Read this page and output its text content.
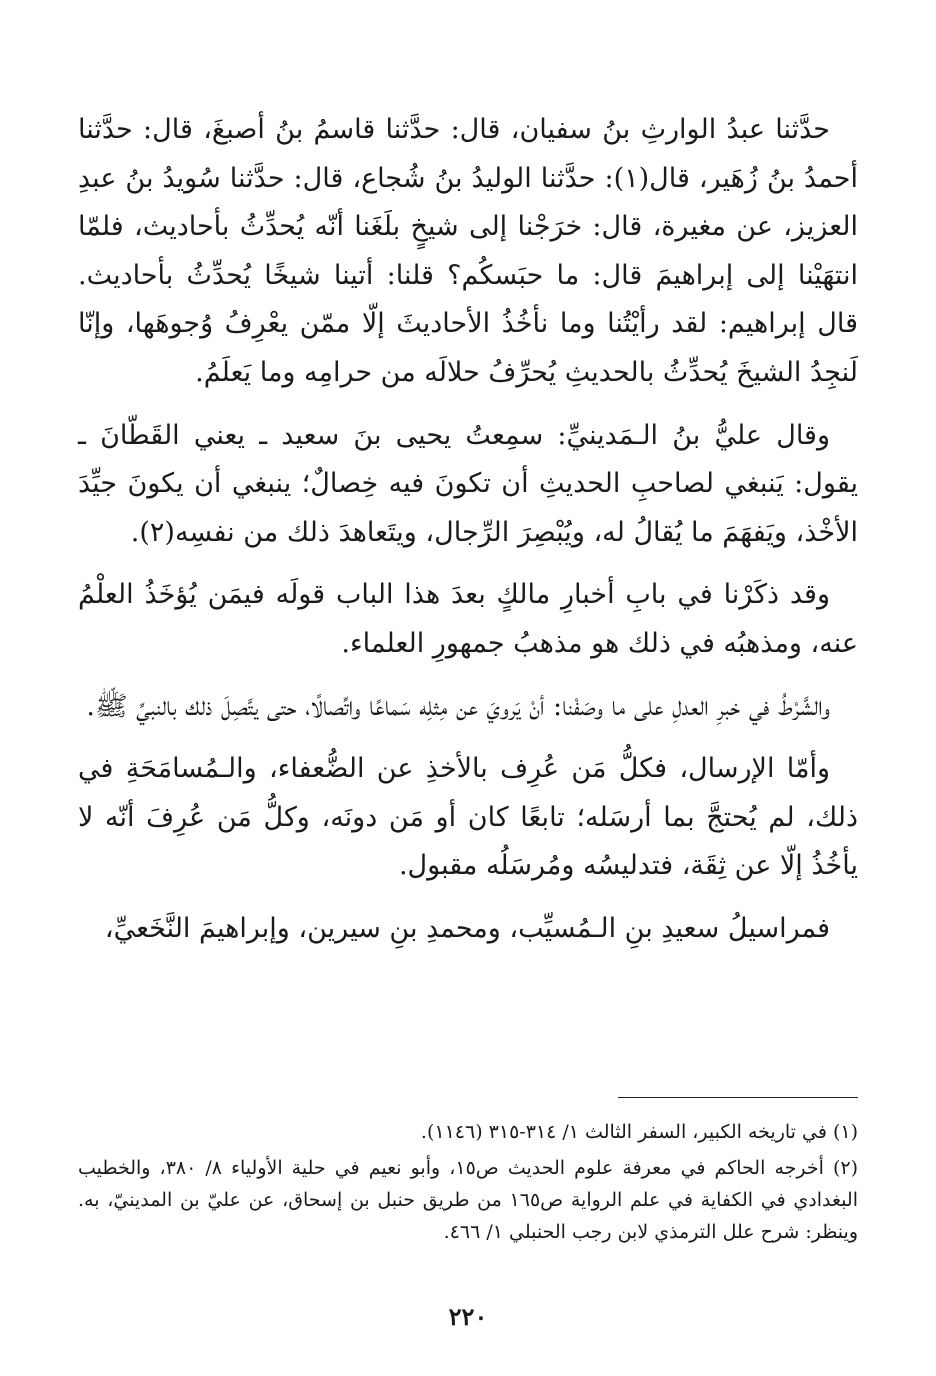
حدَّثنا عبدُ الوارثِ بنُ سفيان، قال: حدَّثنا قاسمُ بنُ أصبغَ، قال: حدَّثنا أحمدُ بنُ زُهَير، قال(١): حدَّثنا الوليدُ بنُ شُجاع، قال: حدَّثنا سُويدُ بنُ عبدِ العزيز، عن مغيرة، قال: خرَجْنا إلى شيخٍ بلَغَنا أنّه يُحدِّثُ بأحاديث، فلمّا انتهَيْنا إلى إبراهيمَ قال: ما حبَسكُم؟ قلنا: أتينا شيخًا يُحدِّثُ بأحاديث. قال إبراهيم: لقد رأيْتُنا وما نأخُذُ الأحاديثَ إلّا ممّن يعْرِفُ وُجوهَها، وإنّا لَنجِدُ الشيخَ يُحدِّثُ بالحديثِ يُحرِّفُ حلالَه من حرامِه وما يَعلَمُ.

وقال عليُّ بنُ الـمَدينيِّ: سمِعتُ يحيى بنَ سعيد ـ يعني القَطّانَ ـ يقول: يَنبغي لصاحبِ الحديثِ أن تكونَ فيه خِصالٌ؛ ينبغي أن يكونَ جيِّدَ الأخْذ، ويَفهَمَ ما يُقالُ له، ويُبْصِرَ الرِّجال، ويتَعاهدَ ذلك من نفسِه(٢).

وقد ذكَرْنا في بابِ أخبارِ مالكٍ بعدَ هذا الباب قولَه فيمَن يُؤخَذُ العلْمُ عنه، ومذهبُه في ذلك هو مذهبُ جمهورِ العلماء.

والشَّرْطُ في خبرِ العدلِ على ما وصَفْنا: أنْ يَرويَ عن مِثلِه سَماعًا واتِّصالًا، حتى يتَّصِلَ ذلك بالنبيِّ ﷺ.

وأمّا الإرسال، فكلُّ مَن عُرِف بالأخذِ عن الضُّعفاء، والـمُسامَحَةِ في ذلك، لم يُحتجَّ بما أرسَله؛ تابعًا كان أو مَن دونَه، وكلُّ مَن عُرِفَ أنّه لا يأخُذُ إلّا عن ثِقَة، فتدليسُه ومُرسَلُه مقبول.

فمراسيلُ سعيدِ بنِ الـمُسيِّب، ومحمدِ بنِ سيرين، وإبراهيمَ النَّخَعيِّ،

(١) في تاريخه الكبير، السفر الثالث ١/ ٣١٤-٣١٥ (١١٤٦).

(٢) أخرجه الحاكم في معرفة علوم الحديث ص١٥، وأبو نعيم في حلية الأولياء ٨/ ٣٨٠، والخطيب البغدادي في الكفاية في علم الرواية ص١٦٥ من طريق حنبل بن إسحاق، عن عليّ بن المدينيّ، به. وينظر: شرح علل الترمذي لابن رجب الحنبلي ١/ ٤٦٦.

٢٢٠
